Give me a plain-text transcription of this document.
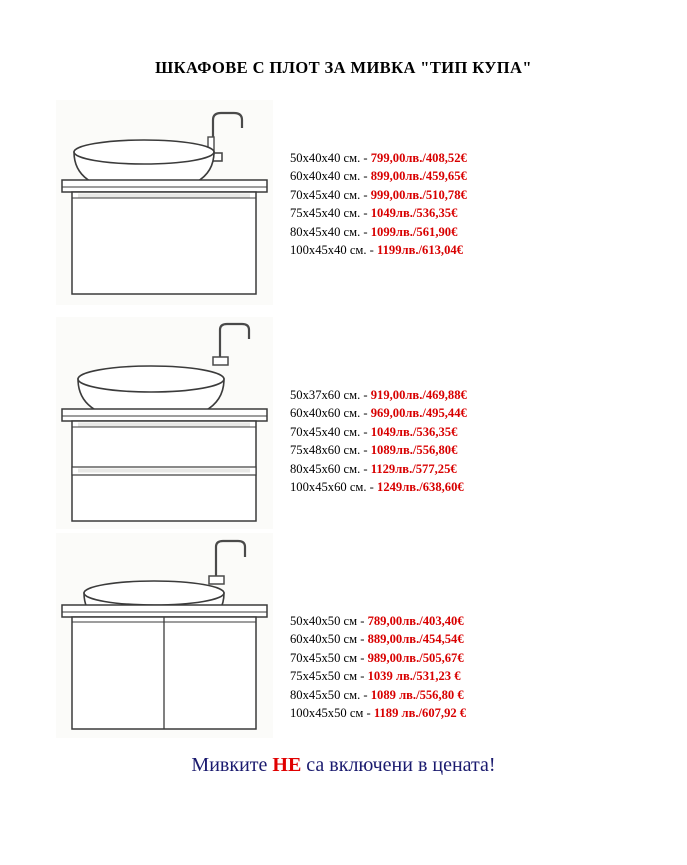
ШКАФОВЕ С ПЛОТ ЗА МИВКА "ТИП КУПА"
50x40x40 см. - 799,00лв./408,52€
60x40x40 см. - 899,00лв./459,65€
70x45x40 см. - 999,00лв./510,78€
75x45x40 см. - 1049лв./536,35€
80x45x40 см. - 1099лв./561,90€
100x45x40 см. - 1199лв./613,04€
50x37x60 см. - 919,00лв./469,88€
60x40x60 см. - 969,00лв./495,44€
70x45x40 см. - 1049лв./536,35€
75x48x60 см. - 1089лв./556,80€
80x45x60 см. - 1129лв./577,25€
100x45x60 см. - 1249лв./638,60€
50x40x50 см - 789,00лв./403,40€
60x40x50 см - 889,00лв./454,54€
70x45x50 см - 989,00лв./505,67€
75x45x50 см - 1039 лв./531,23 €
80x45x50 см. - 1089 лв./556,80 €
100x45x50 см - 1189 лв./607,92 €
Мивките НЕ са включени в цената!
